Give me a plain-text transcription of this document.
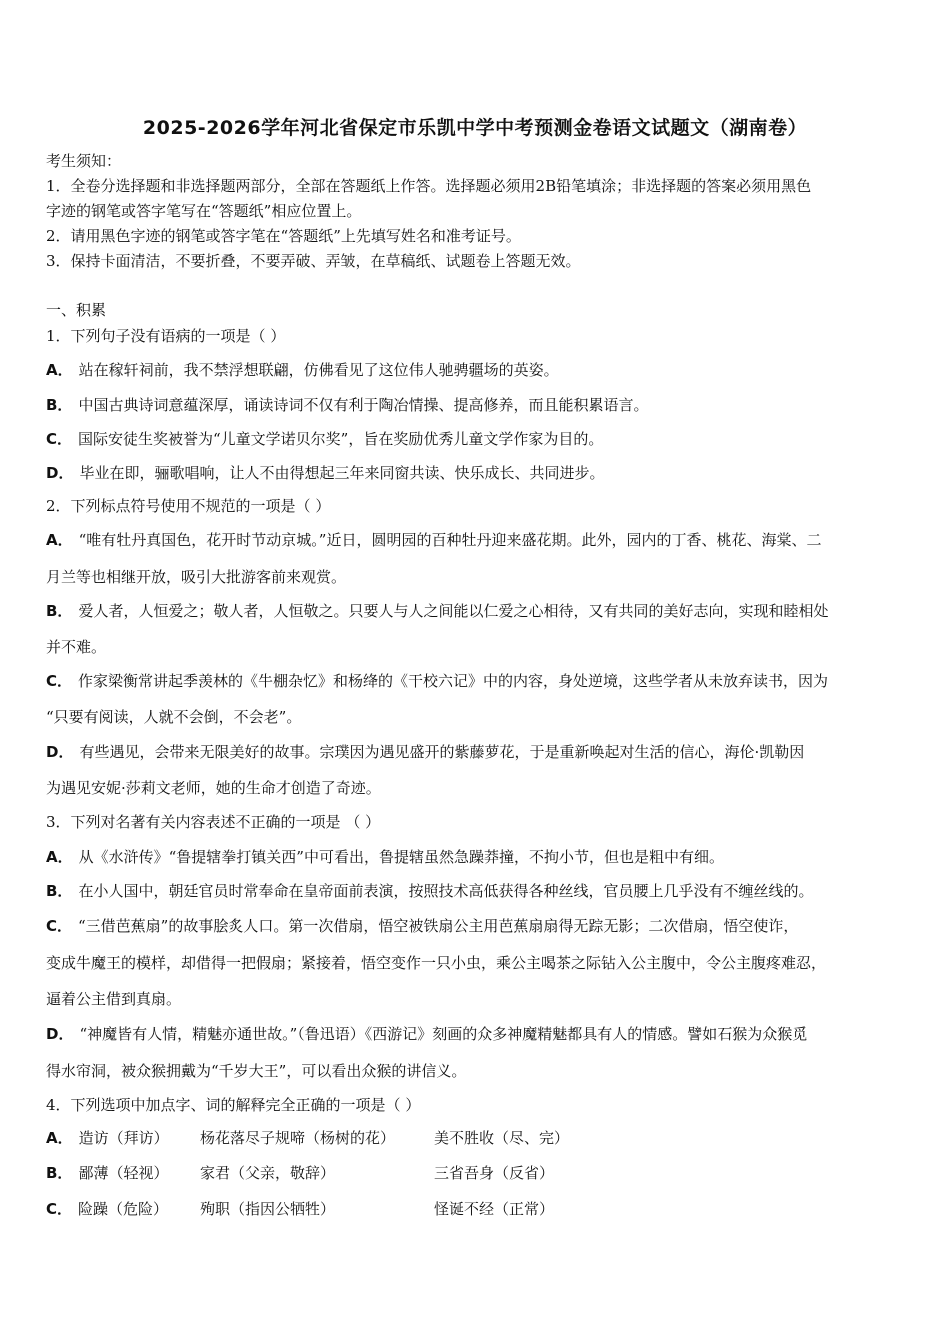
2025-2026学年河北省保定市乐凯中学中考预测金卷语文试题文（湖南卷）
考生须知：
1．全卷分选择题和非选择题两部分，全部在答题纸上作答。选择题必须用2B铅笔填涂；非选择题的答案必须用黑色
字迹的钢笔或答字笔写在“答题纸”相应位置上。
2．请用黑色字迹的钢笔或答字笔在“答题纸”上先填写姓名和准考证号。
3．保持卡面清洁，不要折叠，不要弄破、弄皱，在草稿纸、试题卷上答题无效。
一、积累
1．下列句子没有语病的一项是（ ）
A． 站在稼轩祠前，我不禁浮想联翩，仿佛看见了这位伟人驰骋疆场的英姿。
B． 中国古典诗词意蕴深厚，诵读诗词不仅有利于陶冶情操、提高修养，而且能积累语言。
C． 国际安徒生奖被誉为“儿童文学诺贝尔奖”，旨在奖励优秀儿童文学作家为目的。
D． 毕业在即，骊歌唱响，让人不由得想起三年来同窗共读、快乐成长、共同进步。
2．下列标点符号使用不规范的一项是（ ）
A． “唯有牡丹真国色，花开时节动京城。”近日，圆明园的百种牡丹迎来盛花期。此外，园内的丁香、桃花、海棠、二
月兰等也相继开放，吸引大批游客前来观赏。
B． 爱人者，人恒爱之；敬人者，人恒敬之。只要人与人之间能以仁爱之心相待，又有共同的美好志向，实现和睦相处
并不难。
C． 作家梁衡常讲起季羡林的《牛棚杂忆》和杨绛的《干校六记》中的内容，身处逆境，这些学者从未放弃读书，因为
“只要有阅读，人就不会倒，不会老”。
D． 有些遇见，会带来无限美好的故事。宗璞因为遇见盛开的紫藤萝花，于是重新唤起对生活的信心，海伦·凯勒因
为遇见安妮·莎莉文老师，她的生命才创造了奇迹。
3．下列对名著有关内容表述不正确的一项是 （ ）
A． 从《水浒传》“鲁提辖拳打镇关西”中可看出，鲁提辖虽然急躁莽撞，不拘小节，但也是粗中有细。
B． 在小人国中，朝廷官员时常奉命在皇帝面前表演，按照技术高低获得各种丝线，官员腰上几乎没有不缠丝线的。
C． “三借芭蕉扇”的故事脍炙人口。第一次借扇，悟空被铁扇公主用芭蕉扇扇得无踪无影；二次借扇，悟空使诈，
变成牛魔王的模样，却借得一把假扇；紧接着，悟空变作一只小虫，乘公主喝茶之际钻入公主腹中，令公主腹疼难忍，
逼着公主借到真扇。
D． “神魔皆有人情，精魅亦通世故。”（鲁迅语）《西游记》刻画的众多神魔精魅都具有人的情感。譬如石猴为众猴觅
得水帘洞，被众猴拥戴为“千岁大王”，可以看出众猴的讲信义。
4．下列选项中加点字、词的解释完全正确的一项是（ ）
A． 造访（拜访） 杨花落尽子规啼（杨树的花）	美不胜收（尽、完）
B． 鄙薄（轻视） 家君（父亲，敬辞）	三省吾身（反省）
C． 险躁（危险） 殉职（指因公牺牲）	怪诞不经（正常）
